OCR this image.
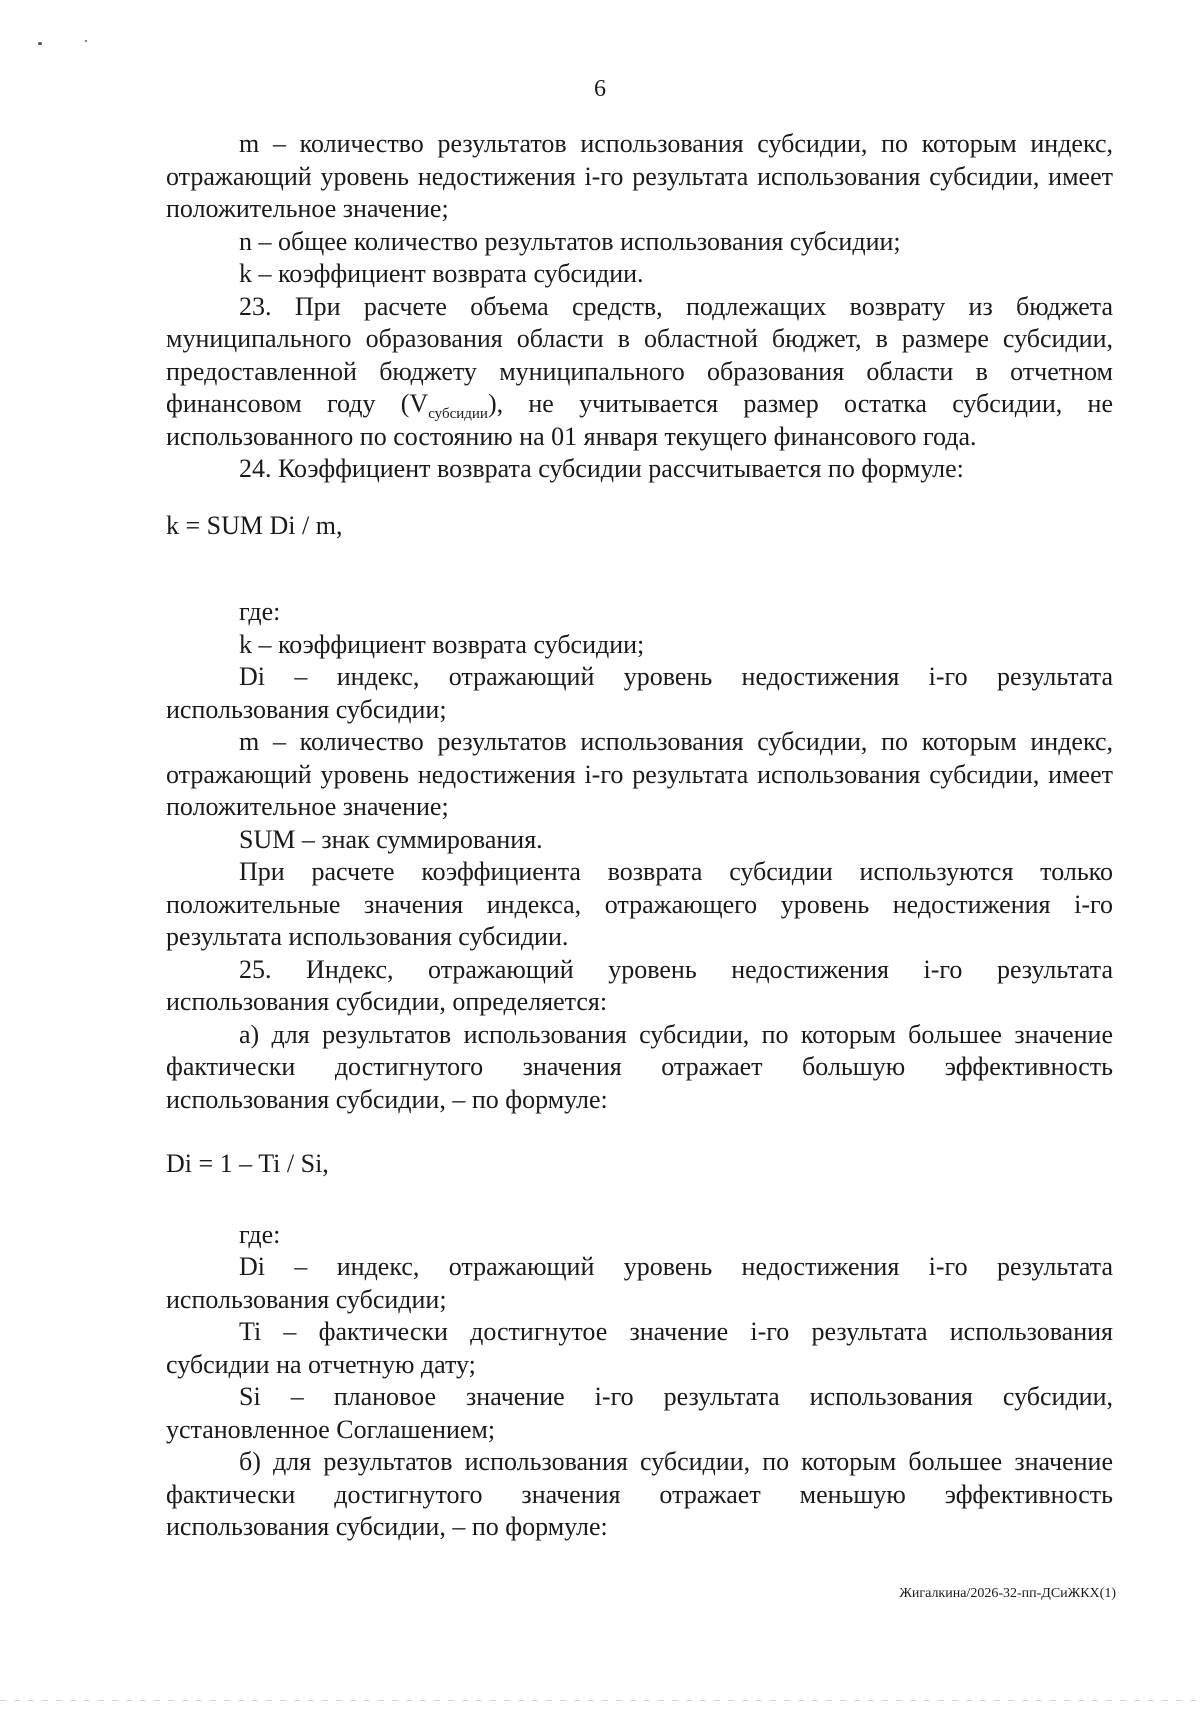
6

m – количество результатов использования субсидии, по которым индекс, отражающий уровень недостижения i-го результата использования субсидии, имеет положительное значение;

n – общее количество результатов использования субсидии;

k – коэффициент возврата субсидии.

23. При расчете объема средств, подлежащих возврату из бюджета муниципального образования области в областной бюджет, в размере субсидии, предоставленной бюджету муниципального образования области в отчетном финансовом году $(V_{субсидии})$, не учитывается размер остатка субсидии, не использованного по состоянию на 01 января текущего финансового года.

24. Коэффициент возврата субсидии рассчитывается по формуле:

k = SUM Di / m,

где:

k – коэффициент возврата субсидии;

Di – индекс, отражающий уровень недостижения i-го результата использования субсидии;

m – количество результатов использования субсидии, по которым индекс, отражающий уровень недостижения i-го результата использования субсидии, имеет положительное значение;

SUM – знак суммирования.

При расчете коэффициента возврата субсидии используются только положительные значения индекса, отражающего уровень недостижения i-го результата использования субсидии.

25. Индекс, отражающий уровень недостижения i-го результата использования субсидии, определяется:

а) для результатов использования субсидии, по которым большее значение фактически достигнутого значения отражает большую эффективность использования субсидии, – по формуле:

Di = 1 – Ti / Si,

где:

Di – индекс, отражающий уровень недостижения i-го результата использования субсидии;

Ti – фактически достигнутое значение i-го результата использования субсидии на отчетную дату;

Si – плановое значение i-го результата использования субсидии, установленное Соглашением;

б) для результатов использования субсидии, по которым большее значение фактически достигнутого значения отражает меньшую эффективность использования субсидии, – по формуле:

Жигалкина/2026-32-пп-ДСиЖКХ(1)
